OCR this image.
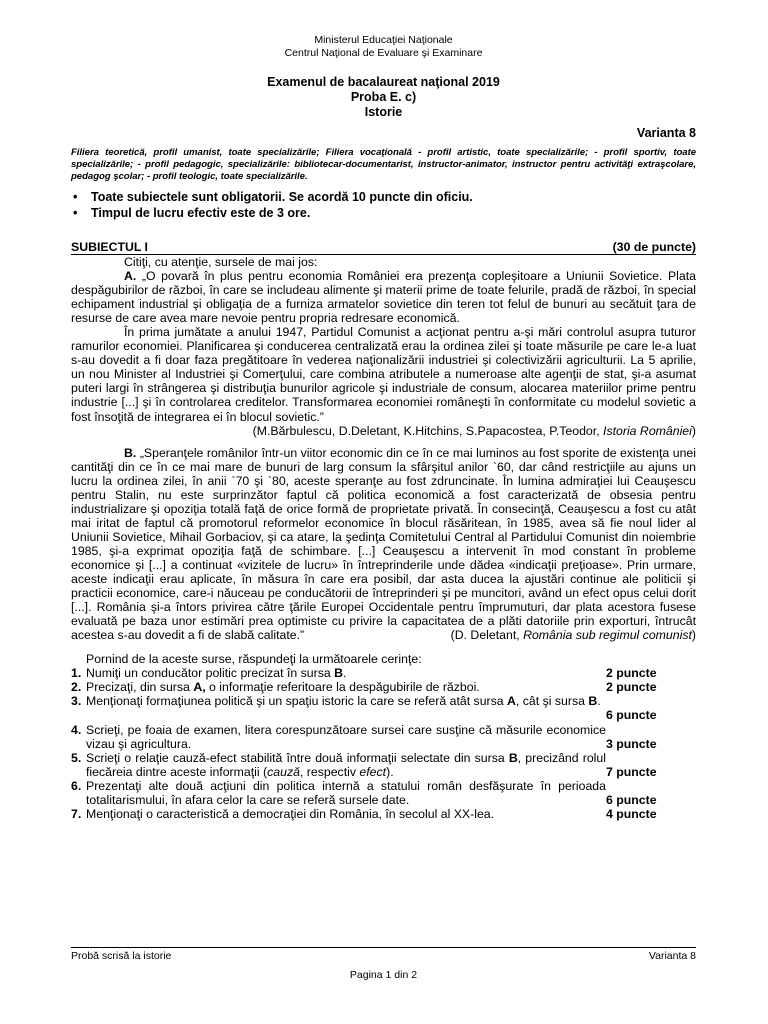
Ministerul Educaţiei Naţionale
Centrul Naţional de Evaluare şi Examinare
Examenul de bacalaureat naţional 2019
Proba E. c)
Istorie
Varianta 8
Filiera teoretică, profil umanist, toate specializările; Filiera vocaţională - profil artistic, toate specializările; - profil sportiv, toate specializările; - profil pedagogic, specializările: bibliotecar-documentarist, instructor-animator, instructor pentru activităţi extraşcolare, pedagog şcolar; - profil teologic, toate specializările.
• Toate subiectele sunt obligatorii. Se acordă 10 puncte din oficiu.
• Timpul de lucru efectiv este de 3 ore.
SUBIECTUL I	(30 de puncte)

Citiţi, cu atenţie, sursele de mai jos:

A. „O povară în plus pentru economia României era prezenţa copleşitoare a Uniunii Sovietice. Plata despăgubirilor de război, în care se includeau alimente şi materii prime de toate felurile, pradă de război, în special echipament industrial şi obligaţia de a furniza armatelor sovietice din teren tot felul de bunuri au secătuit ţara de resurse de care avea mare nevoie pentru propria redresare economică.

În prima jumătate a anului 1947, Partidul Comunist a acţionat pentru a-şi mări controlul asupra tuturor ramurilor economiei. Planificarea şi conducerea centralizată erau la ordinea zilei şi toate măsurile pe care le-a luat s-au dovedit a fi doar faza pregătitoare în vederea naţionalizării industriei şi colectivizării agriculturii. La 5 aprilie, un nou Minister al Industriei şi Comerţului, care combina atributele a numeroase alte agenţii de stat, şi-a asumat puteri largi în strângerea şi distribuţia bunurilor agricole şi industriale de consum, alocarea materiilor prime pentru industrie [...] şi în controlarea creditelor. Transformarea economiei româneşti în conformitate cu modelul sovietic a fost însoţită de integrarea ei în blocul sovietic.”

(M.Bărbulescu, D.Deletant, K.Hitchins, S.Papacostea, P.Teodor, Istoria României)

B. „Speranţele românilor într-un viitor economic din ce în ce mai luminos au fost sporite de existenţa unei cantităţi din ce în ce mai mare de bunuri de larg consum la sfârşitul anilor `60, dar când restricţiile au ajuns un lucru la ordinea zilei, în anii `70 şi `80, aceste speranţe au fost zdruncinate. În lumina admiraţiei lui Ceauşescu pentru Stalin, nu este surprinzător faptul că politica economică a fost caracterizată de obsesia pentru industrializare şi opoziţia totală faţă de orice formă de proprietate privată. În consecinţă, Ceauşescu a fost cu atât mai iritat de faptul că promotorul reformelor economice în blocul răsăritean, în 1985, avea să fie noul lider al Uniunii Sovietice, Mihail Gorbaciov, şi ca atare, la şedinţa Comitetului Central al Partidului Comunist din noiembrie 1985, şi-a exprimat opoziţia faţă de schimbare. [...] Ceauşescu a intervenit în mod constant în probleme economice şi [...] a continuat «vizitele de lucru» în întreprinderile unde dădea «indicaţii preţioase». Prin urmare, aceste indicaţii erau aplicate, în măsura în care era posibil, dar asta ducea la ajustări continue ale politicii şi practicii economice, care-i năuceau pe conducătorii de întreprinderi şi pe muncitori, având un efect opus celui dorit [...]. România şi-a întors privirea către ţările Europei Occidentale pentru împrumuturi, dar plata acestora fusese evaluată pe baza unor estimări prea optimiste cu privire la capacitatea de a plăti datoriile prin exporturi, întrucât acestea s-au dovedit a fi de slabă calitate.”	(D. Deletant, România sub regimul comunist)

Pornind de la aceste surse, răspundeţi la următoarele cerinţe:

1. Numiţi un conducător politic precizat în sursa B.	2 puncte
2. Precizaţi, din sursa A, o informaţie referitoare la despăgubirile de război.	2 puncte
3. Menţionaţi formaţiunea politică şi un spaţiu istoric la care se referă atât sursa A, cât şi sursa B.
6 puncte
4. Scrieţi, pe foaia de examen, litera corespunzătoare sursei care susţine că măsurile economice vizau şi agricultura.	3 puncte
5. Scrieţi o relaţie cauză-efect stabilită între două informaţii selectate din sursa B, precizând rolul fiecăreia dintre aceste informaţii (cauză, respectiv efect).	7 puncte
6. Prezentaţi alte două acţiuni din politica internă a statului român desfăşurate în perioada totalitarismului, în afara celor la care se referă sursele date.	6 puncte
7. Menţionaţi o caracteristică a democraţiei din România, în secolul al XX-lea.	4 puncte
Probă scrisă la istorie	Varianta 8
Pagina 1 din 2
